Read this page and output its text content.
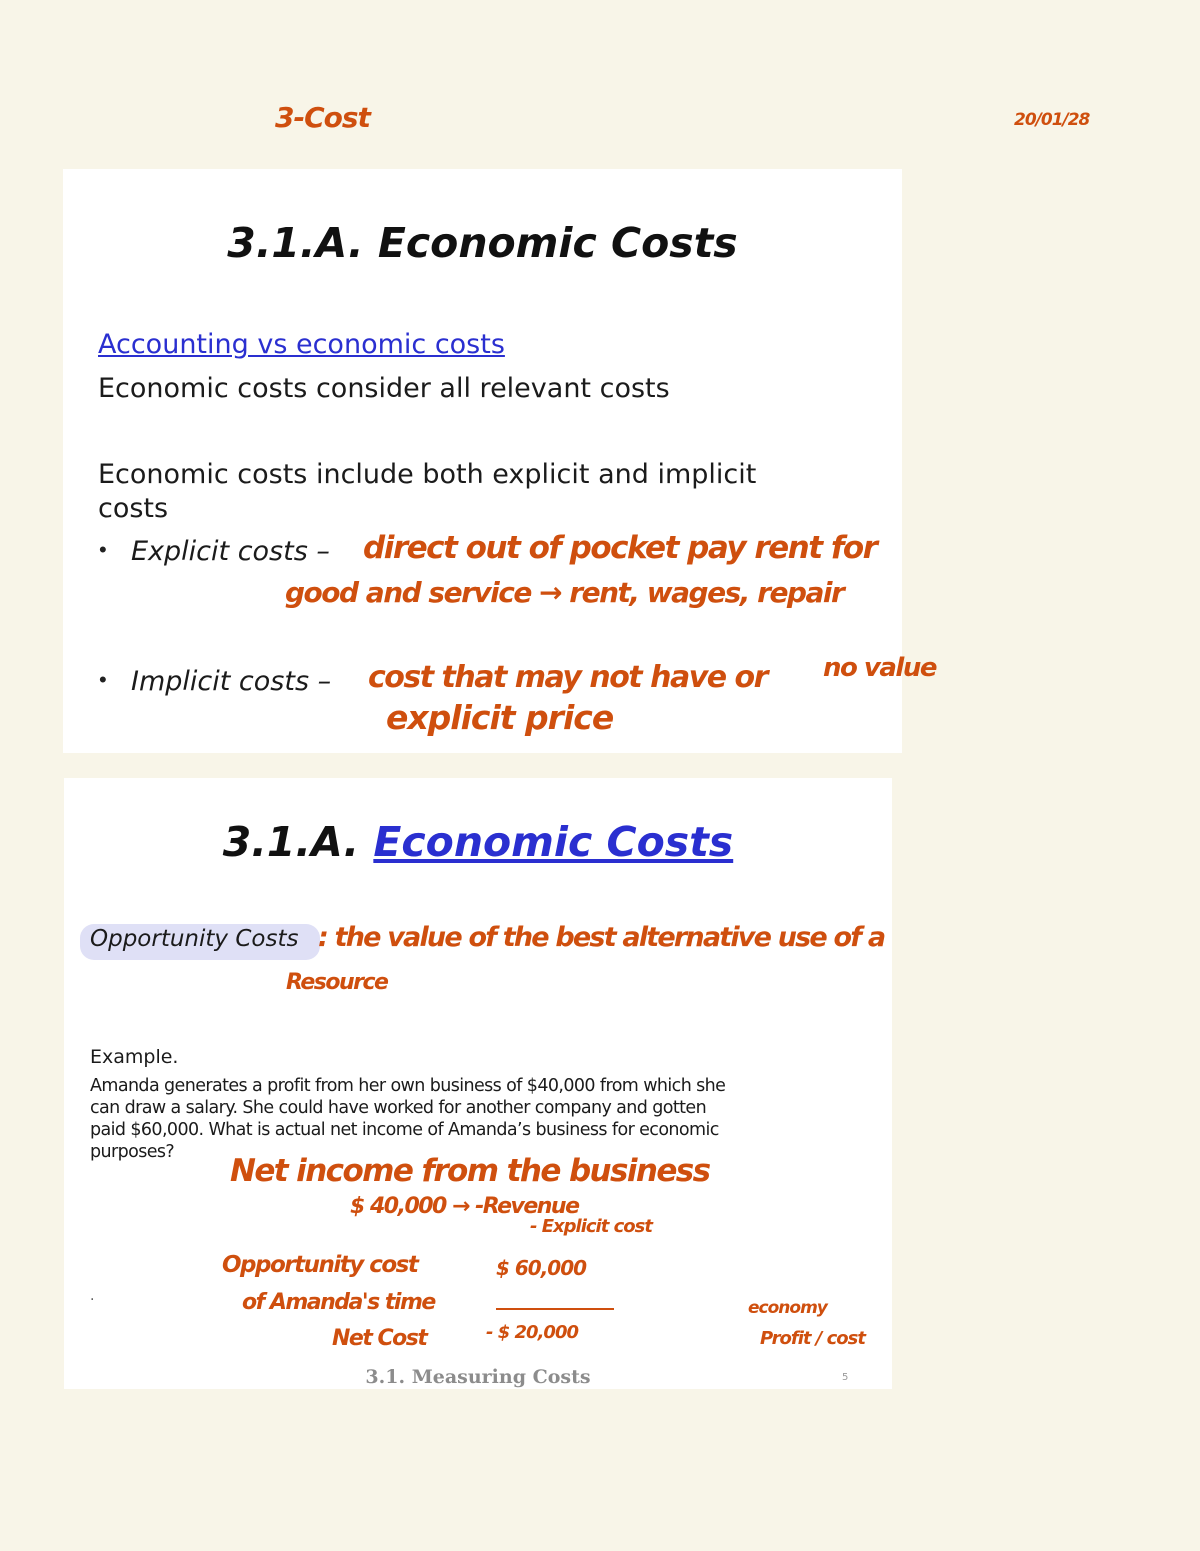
3-Cost	20/01/28
3.1.A. Economic Costs
Accounting vs economic costs
Economic costs consider all relevant costs
Economic costs include both explicit and implicit
costs
• Explicit costs – direct out of pocket pay rent for
good and service → rent, wages, repair
• Implicit costs – cost that may not have or no value
explicit price
3.1.A. Economic Costs
Opportunity Costs : the value of the best alternative use of a
Resource
Example.
Amanda generates a profit from her own business of $40,000 from which she
can draw a salary. She could have worked for another company and gotten
paid $60,000. What is actual net income of Amanda’s business for economic
purposes?
Net income from the business
$ 40,000 → -Revenue
- Explicit cost
Opportunity cost	$ 60,000
of Amanda's time
Net Cost	- $ 20,000
economy
Profit / cost
·
3.1. Measuring Costs	5
